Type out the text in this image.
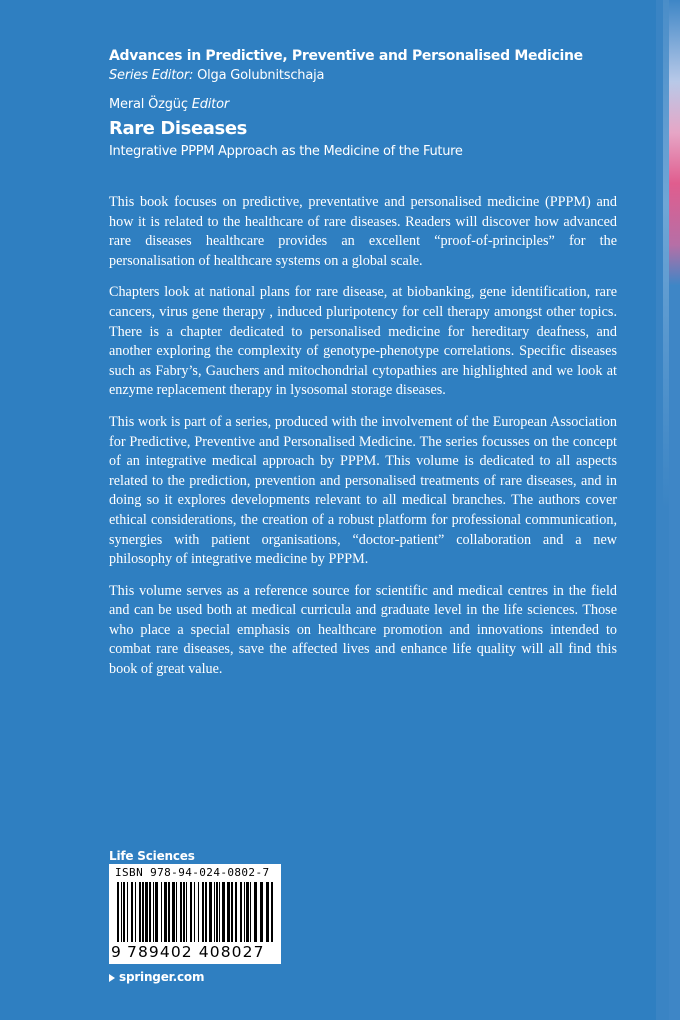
Advances in Predictive, Preventive and Personalised Medicine
Series Editor: Olga Golubnitschaja
Meral Özgüç Editor
Rare Diseases
Integrative PPPM Approach as the Medicine of the Future

This book focuses on predictive, preventative and personalised medicine (PPPM) and how it is related to the healthcare of rare diseases. Readers will discover how advanced rare diseases healthcare provides an excellent “proof-of-principles” for the personalisation of healthcare systems on a global scale.

Chapters look at national plans for rare disease, at biobanking, gene identification, rare cancers, virus gene therapy , induced pluripotency for cell therapy amongst other topics. There is a chapter dedicated to personalised medicine for hereditary deafness, and another exploring the complexity of genotype-phenotype correlations. Specific diseases such as Fabry’s, Gauchers and mitochondrial cytopathies are highlighted and we look at enzyme replacement therapy in lysosomal storage diseases.

This work is part of a series, produced with the involvement of the European Association for Predictive, Preventive and Personalised Medicine. The series focusses on the concept of an integrative medical approach by PPPM. This volume is dedicated to all aspects related to the prediction, prevention and personalised treatments of rare diseases, and in doing so it explores developments relevant to all medical branches. The authors cover ethical considerations, the creation of a robust platform for professional communication, synergies with patient organisations, “doctor-patient” collaboration and a new philosophy of integrative medicine by PPPM.

This volume serves as a reference source for scientific and medical centres in the field and can be used both at medical curricula and graduate level in the life sciences. Those who place a special emphasis on healthcare promotion and innovations intended to combat rare diseases, save the affected lives and enhance life quality will all find this book of great value.

Life Sciences
ISBN 978-94-024-0802-7
9 789402 408027
springer.com
